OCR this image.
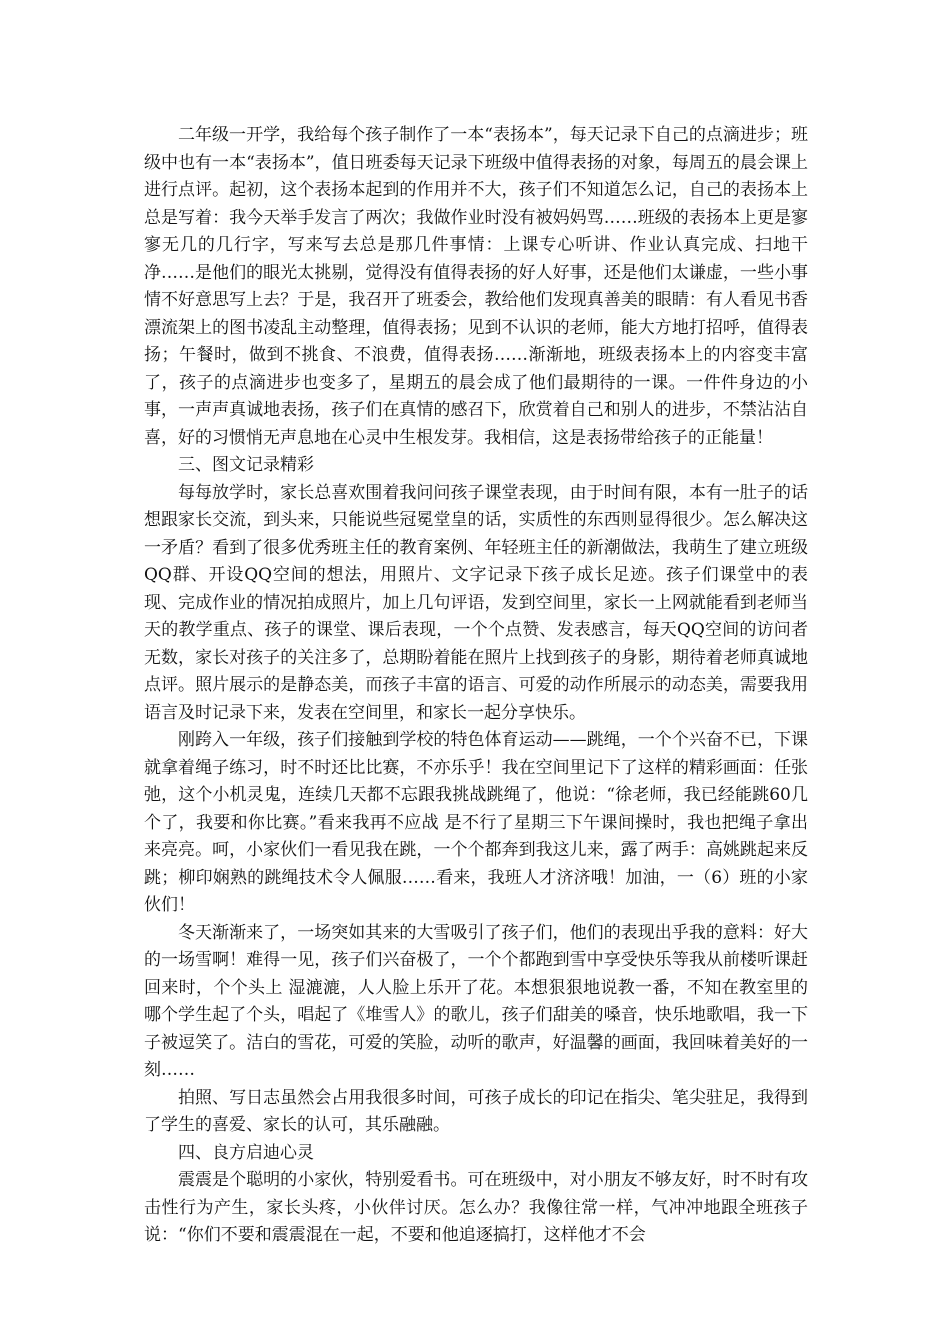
二年级一开学，我给每个孩子制作了一本“表扬本”，每天记录下自己的点滴进步；班级中也有一本“表扬本”，值日班委每天记录下班级中值得表扬的对象，每周五的晨会课上进行点评。起初，这个表扬本起到的作用并不大，孩子们不知道怎么记，自己的表扬本上总是写着：我今天举手发言了两次；我做作业时没有被妈妈骂……班级的表扬本上更是寥寥无几的几行字，写来写去总是那几件事情：上课专心听讲、作业认真完成、扫地干净……是他们的眼光太挑剔，觉得没有值得表扬的好人好事，还是他们太谦虚，一些小事情不好意思写上去？于是，我召开了班委会，教给他们发现真善美的眼睛：有人看见书香漂流架上的图书凌乱主动整理，值得表扬；见到不认识的老师，能大方地打招呼，值得表扬；午餐时，做到不挑食、不浪费，值得表扬……渐渐地，班级表扬本上的内容变丰富了，孩子的点滴进步也变多了，星期五的晨会成了他们最期待的一课。一件件身边的小事，一声声真诚地表扬，孩子们在真情的感召下，欣赏着自己和别人的进步，不禁沾沾自喜，好的习惯悄无声息地在心灵中生根发芽。我相信，这是表扬带给孩子的正能量！

三、图文记录精彩

每每放学时，家长总喜欢围着我问问孩子课堂表现，由于时间有限，本有一肚子的话想跟家长交流，到头来，只能说些冠冕堂皇的话，实质性的东西则显得很少。怎么解决这一矛盾？看到了很多优秀班主任的教育案例、年轻班主任的新潮做法，我萌生了建立班级QQ群、开设QQ空间的想法，用照片、文字记录下孩子成长足迹。孩子们课堂中的表现、完成作业的情况拍成照片，加上几句评语，发到空间里，家长一上网就能看到老师当天的教学重点、孩子的课堂、课后表现，一个个点赞、发表感言，每天QQ空间的访问者无数，家长对孩子的关注多了，总期盼着能在照片上找到孩子的身影，期待着老师真诚地点评。照片展示的是静态美，而孩子丰富的语言、可爱的动作所展示的动态美，需要我用语言及时记录下来，发表在空间里，和家长一起分享快乐。

刚跨入一年级，孩子们接触到学校的特色体育运动——跳绳，一个个兴奋不已，下课就拿着绳子练习，时不时还比比赛，不亦乐乎！我在空间里记下了这样的精彩画面：任张弛，这个小机灵鬼，连续几天都不忘跟我挑战跳绳了，他说：“徐老师，我已经能跳60几个了，我要和你比赛。”看来我再不应战 是不行了星期三下午课间操时，我也把绳子拿出来亮亮。呵，小家伙们一看见我在跳，一个个都奔到我这儿来，露了两手：高姚跳起来反跳；柳印娴熟的跳绳技术令人佩服……看来，我班人才济济哦！加油，一（6）班的小家伙们！

冬天渐渐来了，一场突如其来的大雪吸引了孩子们，他们的表现出乎我的意料：好大的一场雪啊！难得一见，孩子们兴奋极了，一个个都跑到雪中享受快乐等我从前楼听课赶回来时，个个头上 湿漉漉，人人脸上乐开了花。本想狠狠地说教一番，不知在教室里的哪个学生起了个头，唱起了《堆雪人》的歌儿，孩子们甜美的嗓音，快乐地歌唱，我一下子被逗笑了。洁白的雪花，可爱的笑脸，动听的歌声，好温馨的画面，我回味着美好的一刻……

拍照、写日志虽然会占用我很多时间，可孩子成长的印记在指尖、笔尖驻足，我得到了学生的喜爱、家长的认可，其乐融融。

四、良方启迪心灵

震震是个聪明的小家伙，特别爱看书。可在班级中，对小朋友不够友好，时不时有攻击性行为产生，家长头疼，小伙伴讨厌。怎么办？我像往常一样，气冲冲地跟全班孩子说：“你们不要和震震混在一起，不要和他追逐搞打，这样他才不会
